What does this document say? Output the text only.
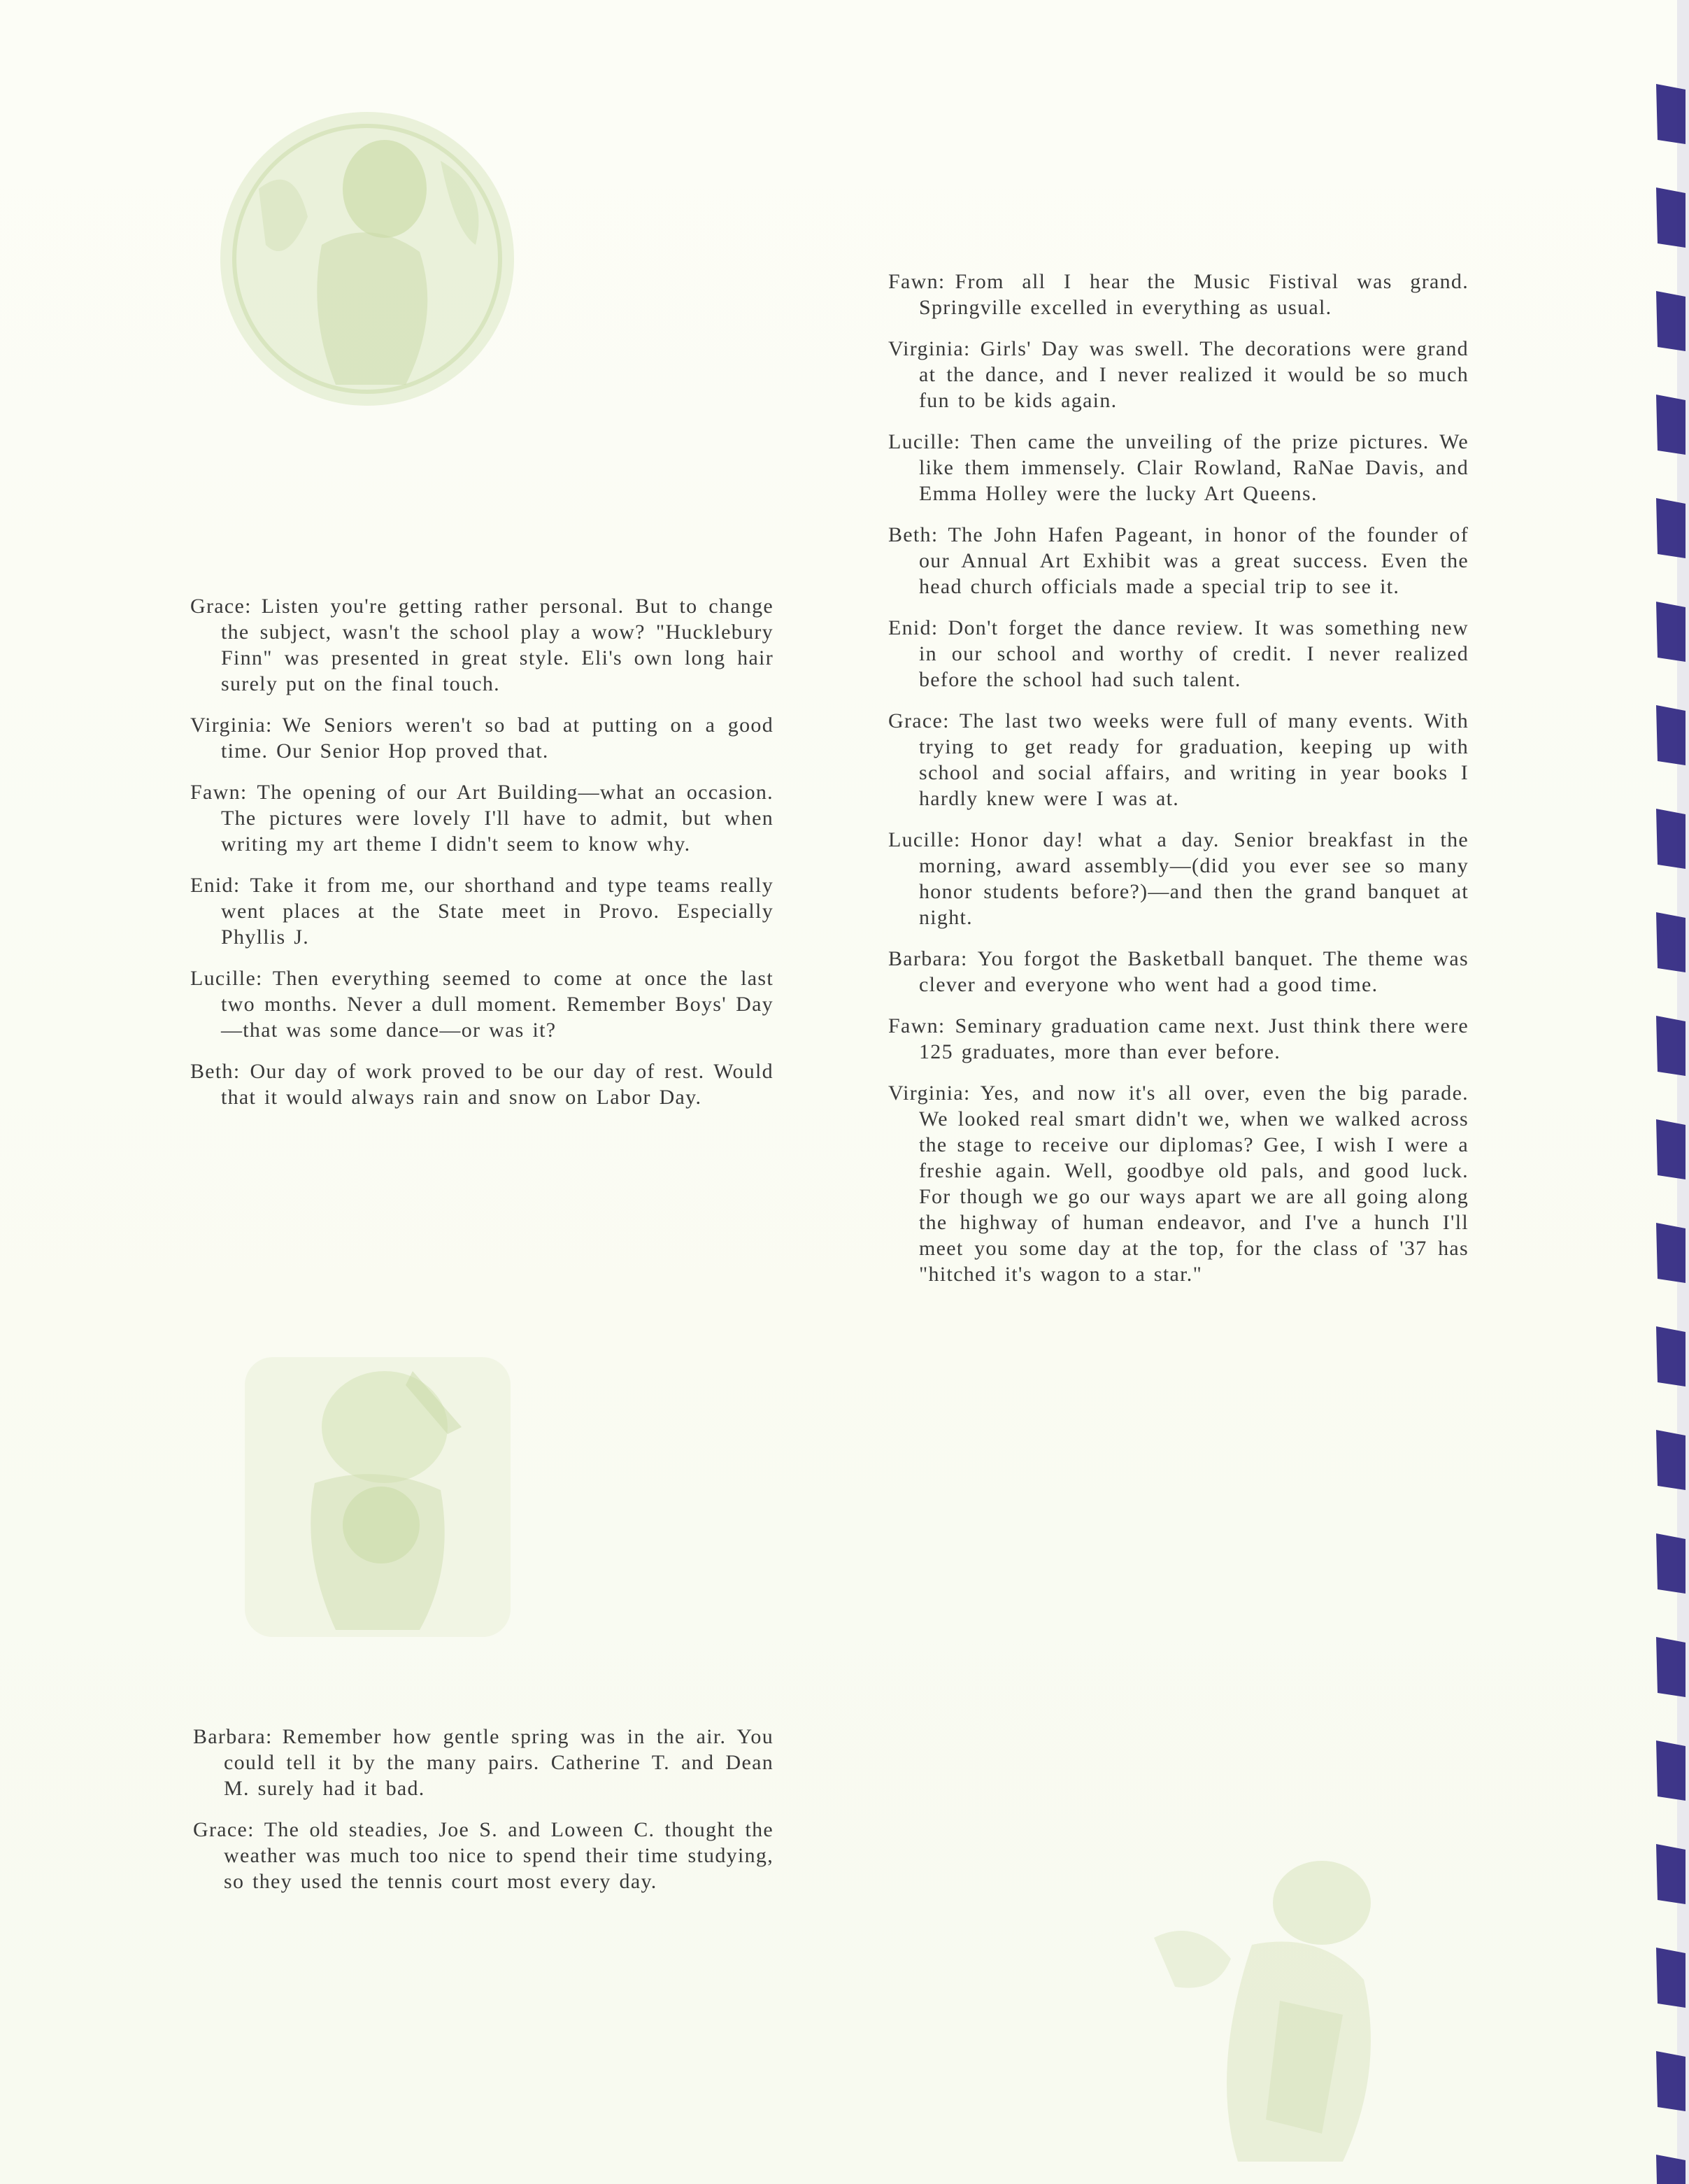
Grace: Listen you're getting rather personal. But to change the subject, wasn't the school play a wow? "Hucklebury Finn" was presented in great style. Eli's own long hair surely put on the final touch.

Virginia: We Seniors weren't so bad at putting on a good time. Our Senior Hop proved that.

Fawn: The opening of our Art Building—what an occasion. The pictures were lovely I'll have to admit, but when writing my art theme I didn't seem to know why.

Enid: Take it from me, our shorthand and type teams really went places at the State meet in Provo. Especially Phyllis J.

Lucille: Then everything seemed to come at once the last two months. Never a dull moment. Remember Boys' Day—that was some dance—or was it?

Beth: Our day of work proved to be our day of rest. Would that it would always rain and snow on Labor Day.

Barbara: Remember how gentle spring was in the air. You could tell it by the many pairs. Catherine T. and Dean M. surely had it bad.

Grace: The old steadies, Joe S. and Loween C. thought the weather was much too nice to spend their time studying, so they used the tennis court most every day.

Fawn: From all I hear the Music Fistival was grand. Springville excelled in everything as usual.

Virginia: Girls' Day was swell. The decorations were grand at the dance, and I never realized it would be so much fun to be kids again.

Lucille: Then came the unveiling of the prize pictures. We like them immensely. Clair Rowland, RaNae Davis, and Emma Holley were the lucky Art Queens.

Beth: The John Hafen Pageant, in honor of the founder of our Annual Art Exhibit was a great success. Even the head church officials made a special trip to see it.

Enid: Don't forget the dance review. It was something new in our school and worthy of credit. I never realized before the school had such talent.

Grace: The last two weeks were full of many events. With trying to get ready for graduation, keeping up with school and social affairs, and writing in year books I hardly knew were I was at.

Lucille: Honor day! what a day. Senior breakfast in the morning, award assembly—(did you ever see so many honor students before?)—and then the grand banquet at night.

Barbara: You forgot the Basketball banquet. The theme was clever and everyone who went had a good time.

Fawn: Seminary graduation came next. Just think there were 125 graduates, more than ever before.

Virginia: Yes, and now it's all over, even the big parade. We looked real smart didn't we, when we walked across the stage to receive our diplomas? Gee, I wish I were a freshie again. Well, goodbye old pals, and good luck. For though we go our ways apart we are all going along the highway of human endeavor, and I've a hunch I'll meet you some day at the top, for the class of '37 has "hitched it's wagon to a star."
